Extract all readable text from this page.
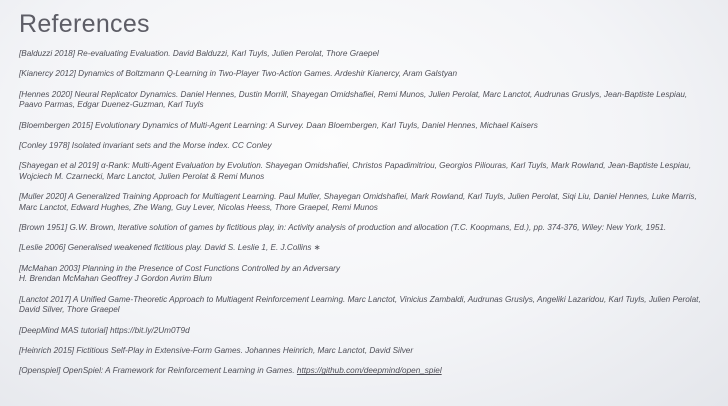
References
[Balduzzi 2018] Re-evaluating Evaluation. David Balduzzi, Karl Tuyls, Julien Perolat, Thore Graepel
[Kianercy 2012] Dynamics of Boltzmann Q-Learning in Two-Player Two-Action Games. Ardeshir Kianercy, Aram Galstyan
[Hennes 2020] Neural Replicator Dynamics. Daniel Hennes, Dustin Morrill, Shayegan Omidshafiei, Remi Munos, Julien Perolat, Marc Lanctot, Audrunas Gruslys, Jean-Baptiste Lespiau, Paavo Parmas, Edgar Duenez-Guzman, Karl Tuyls
[Bloembergen 2015] Evolutionary Dynamics of Multi-Agent Learning: A Survey. Daan Bloembergen, Karl Tuyls, Daniel Hennes, Michael Kaisers
[Conley 1978] Isolated invariant sets and the Morse index. CC Conley
[Shayegan et al 2019] α-Rank: Multi-Agent Evaluation by Evolution. Shayegan Omidshafiei, Christos Papadimitriou, Georgios Piliouras, Karl Tuyls, Mark Rowland, Jean-Baptiste Lespiau, Wojciech M. Czarnecki, Marc Lanctot, Julien Perolat & Remi Munos
[Muller 2020] A Generalized Training Approach for Multiagent Learning. Paul Muller, Shayegan Omidshafiei, Mark Rowland, Karl Tuyls, Julien Perolat, Siqi Liu, Daniel Hennes, Luke Marris, Marc Lanctot, Edward Hughes, Zhe Wang, Guy Lever, Nicolas Heess, Thore Graepel, Remi Munos
[Brown 1951] G.W. Brown, Iterative solution of games by fictitious play, in: Activity analysis of production and allocation (T.C. Koopmans, Ed.), pp. 374-376, Wiley: New York, 1951.
[Leslie 2006] Generalised weakened fictitious play. David S. Leslie 1, E. J.Collins ∗
[McMahan 2003] Planning in the Presence of Cost Functions Controlled by an Adversary
H. Brendan McMahan Geoffrey J Gordon Avrim Blum
[Lanctot 2017] A Unified Game-Theoretic Approach to Multiagent Reinforcement Learning. Marc Lanctot, Vinicius Zambaldi, Audrunas Gruslys, Angeliki Lazaridou, Karl Tuyls, Julien Perolat, David Silver, Thore Graepel
[DeepMind MAS tutorial] https://bit.ly/2Um0T9d
[Heinrich 2015] Fictitious Self-Play in Extensive-Form Games. Johannes Heinrich, Marc Lanctot, David Silver
[Openspiel] OpenSpiel: A Framework for Reinforcement Learning in Games. https://github.com/deepmind/open_spiel
